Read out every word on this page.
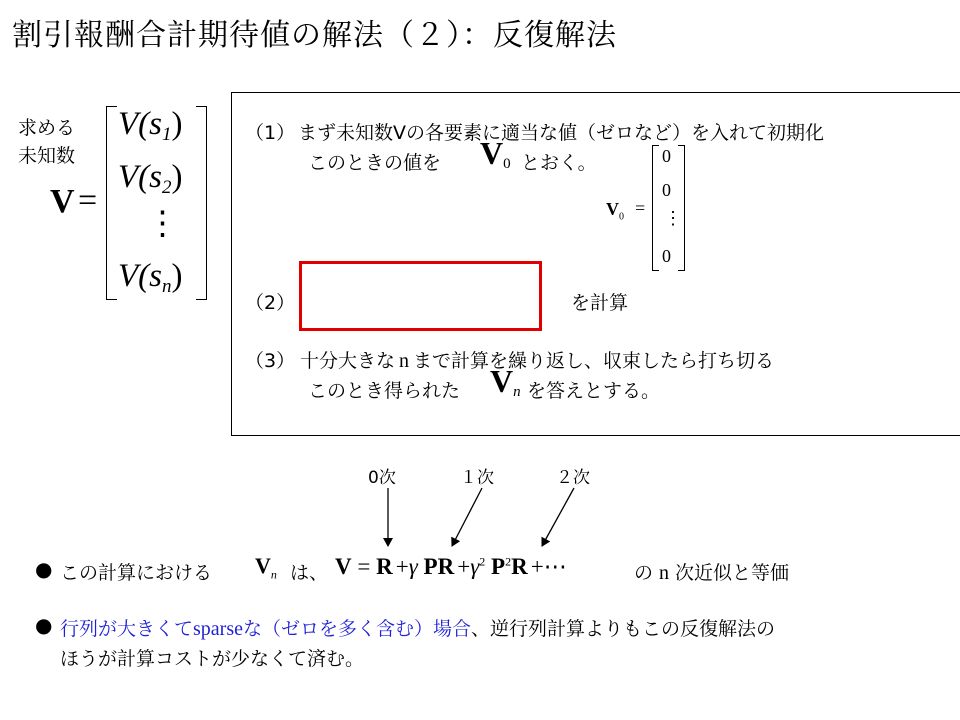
割引報酬合計期待値の解法（２）：反復解法
求める
未知数
V =
$V(s_1)$
$V(s_2)$
⋮
$V(s_n)$
（1） まず未知数Vの各要素に適当な値（ゼロなど）を入れて初期化
このときの値を $V_0$ とおく。
$V_0$ =
0
0
⋮
0
（2）	を計算
（3） 十分大きな n まで計算を繰り返し、収束したら打ち切る
このとき得られた $V_n$ を答えとする。
0次	１次	２次
● この計算における $V_n$ は、 V = R +γ PR $+\gamma^2$ $P^2R$ +⋯	の n 次近似と等価
● 行列が大きくてsparseな（ゼロを多く含む）場合、逆行列計算よりもこの反復解法の
ほうが計算コストが少なくて済む。
